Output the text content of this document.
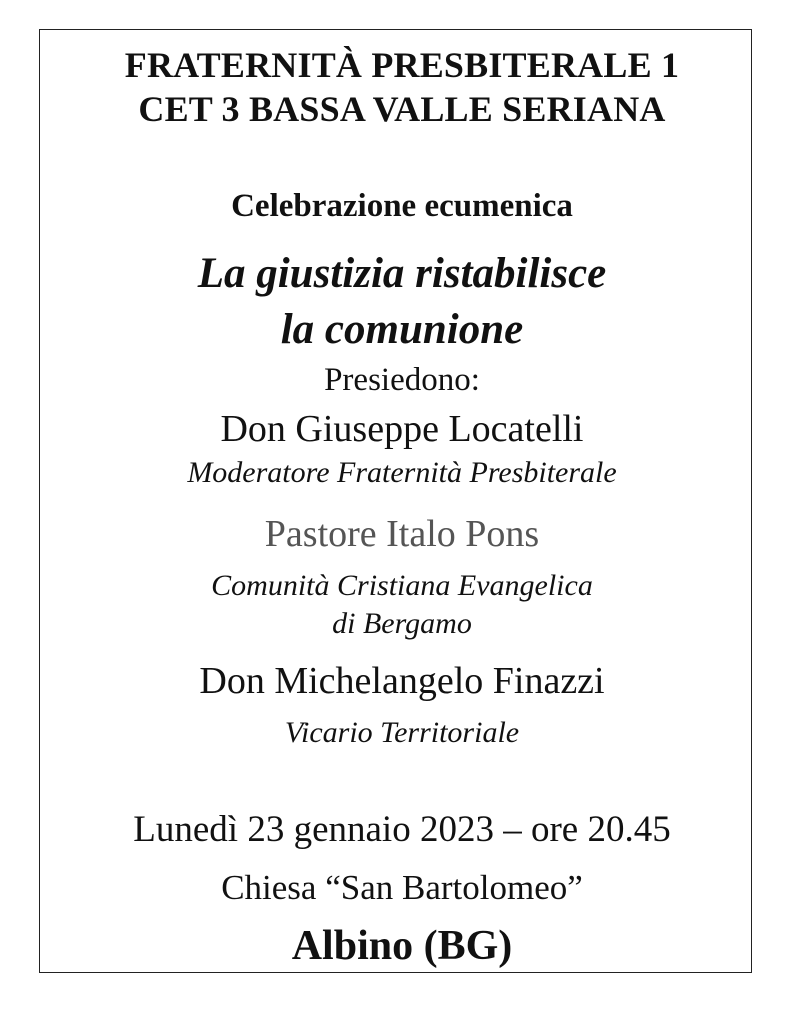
FRATERNITÀ PRESBITERALE 1
CET 3 BASSA VALLE SERIANA
Celebrazione ecumenica
La giustizia ristabilisce
la comunione
Presiedono:
Don Giuseppe Locatelli
Moderatore Fraternità Presbiterale
Pastore Italo Pons
Comunità Cristiana Evangelica
di Bergamo
Don Michelangelo Finazzi
Vicario Territoriale
Lunedì 23 gennaio 2023 – ore 20.45
Chiesa “San Bartolomeo”
Albino (BG)
